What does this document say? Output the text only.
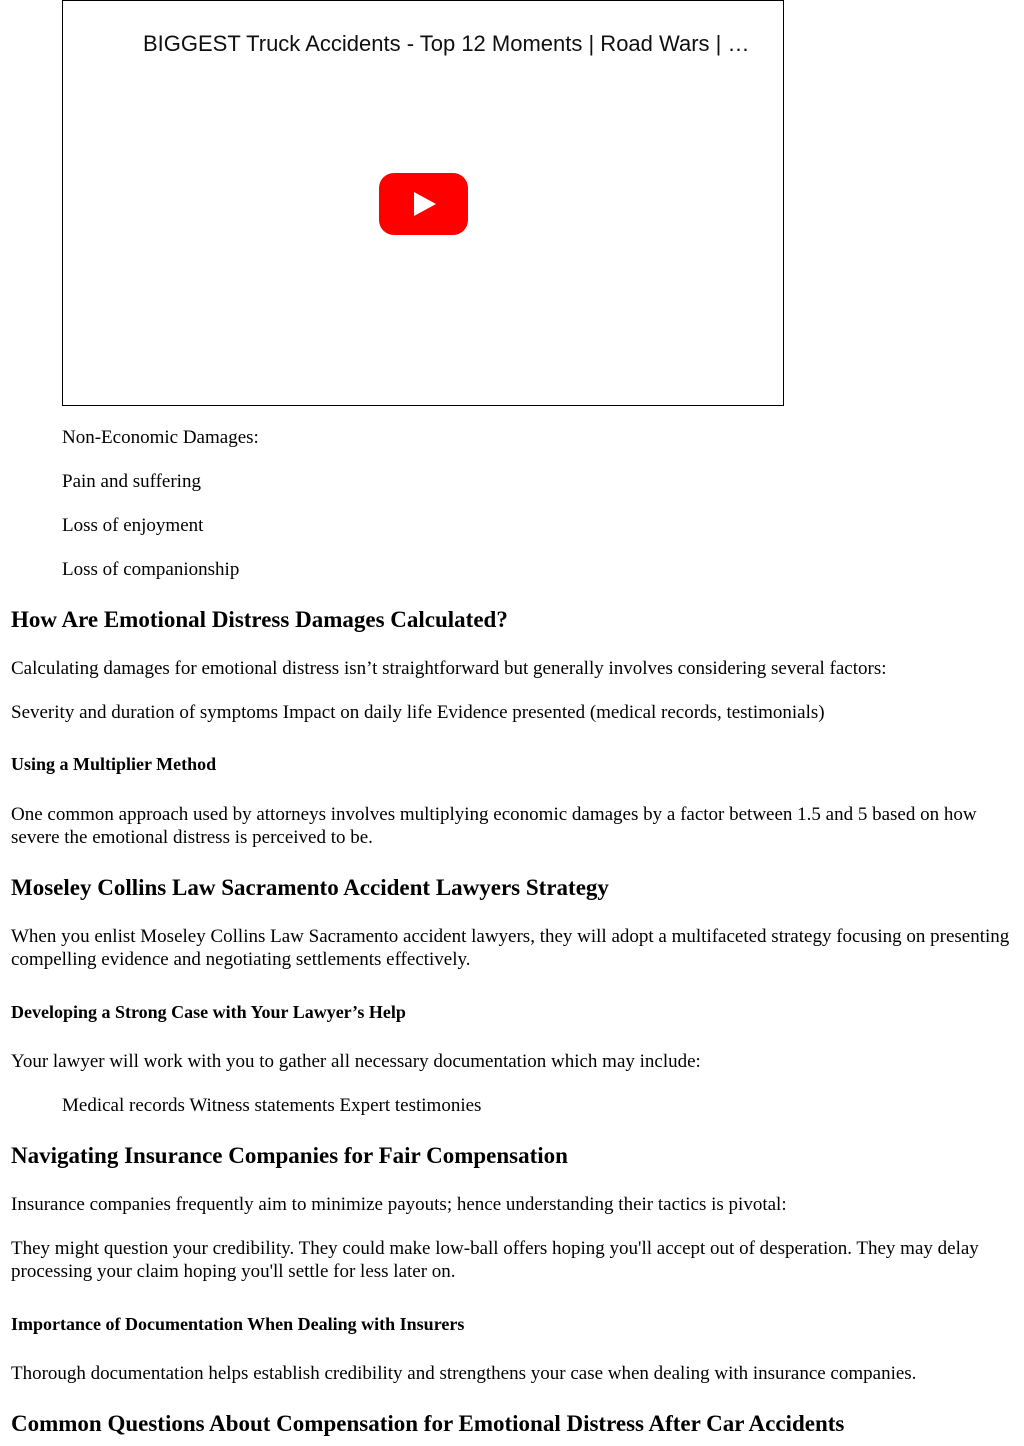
BIGGEST Truck Accidents - Top 12 Moments | Road Wars | …

Non-Economic Damages:

Pain and suffering

Loss of enjoyment

Loss of companionship

How Are Emotional Distress Damages Calculated?

Calculating damages for emotional distress isn’t straightforward but generally involves considering several factors:

Severity and duration of symptoms Impact on daily life Evidence presented (medical records, testimonials)

Using a Multiplier Method

One common approach used by attorneys involves multiplying economic damages by a factor between 1.5 and 5 based on how severe the emotional distress is perceived to be.

Moseley Collins Law Sacramento Accident Lawyers Strategy

When you enlist Moseley Collins Law Sacramento accident lawyers, they will adopt a multifaceted strategy focusing on presenting compelling evidence and negotiating settlements effectively.

Developing a Strong Case with Your Lawyer’s Help

Your lawyer will work with you to gather all necessary documentation which may include:

Medical records Witness statements Expert testimonies

Navigating Insurance Companies for Fair Compensation

Insurance companies frequently aim to minimize payouts; hence understanding their tactics is pivotal:

They might question your credibility. They could make low-ball offers hoping you'll accept out of desperation. They may delay processing your claim hoping you'll settle for less later on.

Importance of Documentation When Dealing with Insurers

Thorough documentation helps establish credibility and strengthens your case when dealing with insurance companies.

Common Questions About Compensation for Emotional Distress After Car Accidents
